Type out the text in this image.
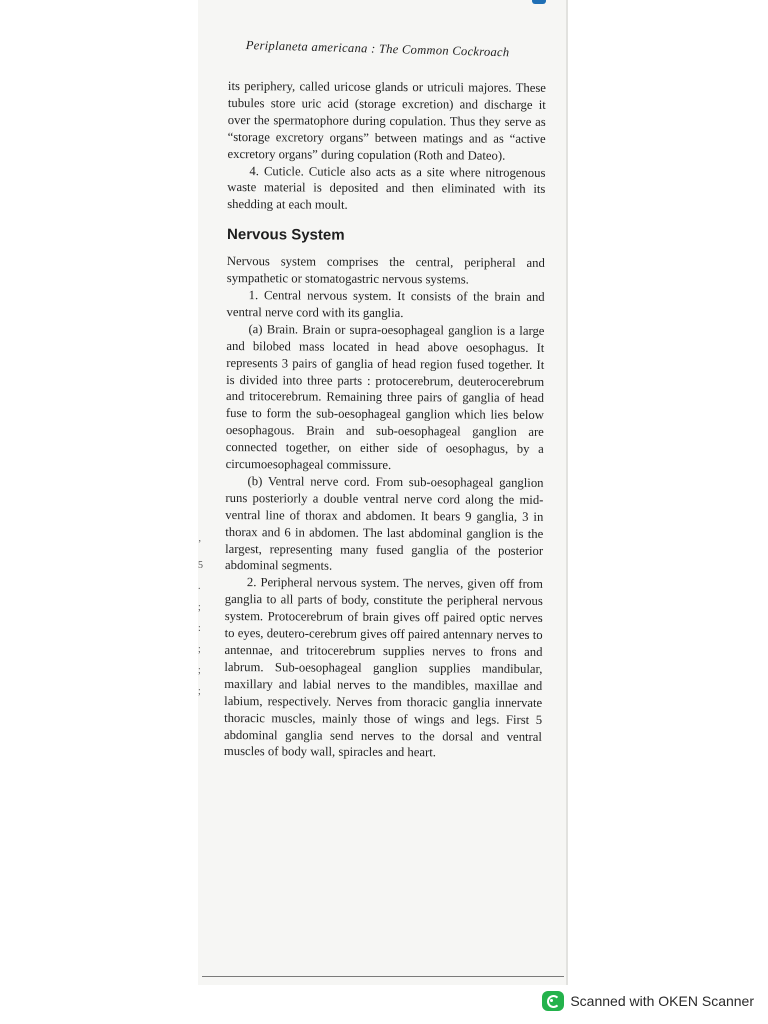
Periplaneta americana : The Common Cockroach

its periphery, called uricose glands or utriculi majores. These tubules store uric acid (storage excretion) and discharge it over the spermatophore during copulation. Thus they serve as “storage excretory organs” between matings and as “active excretory organs” during copulation (Roth and Dateo).

4. Cuticle. Cuticle also acts as a site where nitrogenous waste material is deposited and then eliminated with its shedding at each moult.

Nervous System

Nervous system comprises the central, peripheral and sympathetic or stomatogastric nervous systems.

1. Central nervous system. It consists of the brain and ventral nerve cord with its ganglia.

(a) Brain. Brain or supra-oesophageal ganglion is a large and bilobed mass located in head above oesophagus. It represents 3 pairs of ganglia of head region fused together. It is divided into three parts : protocerebrum, deuterocerebrum and tritocerebrum. Remaining three pairs of ganglia of head fuse to form the sub-oesophageal ganglion which lies below oesophagous. Brain and sub-oesophageal ganglion are connected together, on either side of oesophagus, by a circumoesophageal commissure.

(b) Ventral nerve cord. From sub-oesophageal ganglion runs posteriorly a double ventral nerve cord along the mid-ventral line of thorax and abdomen. It bears 9 ganglia, 3 in thorax and 6 in abdomen. The last abdominal ganglion is the largest, representing many fused ganglia of the posterior abdominal segments.

2. Peripheral nervous system. The nerves, given off from ganglia to all parts of body, constitute the peripheral nervous system. Protocerebrum of brain gives off paired optic nerves to eyes, deutero-cerebrum gives off paired antennary nerves to antennae, and tritocerebrum supplies nerves to frons and labrum. Sub-oesophageal ganglion supplies mandibular, maxillary and labial nerves to the mandibles, maxillae and labium, respectively. Nerves from thoracic ganglia innervate thoracic muscles, mainly those of wings and legs. First 5 abdominal ganglia send nerves to the dorsal and ventral muscles of body wall, spiracles and heart.

ʼ
5
.
;
:
;
;
;
Scanned with OKEN Scanner
